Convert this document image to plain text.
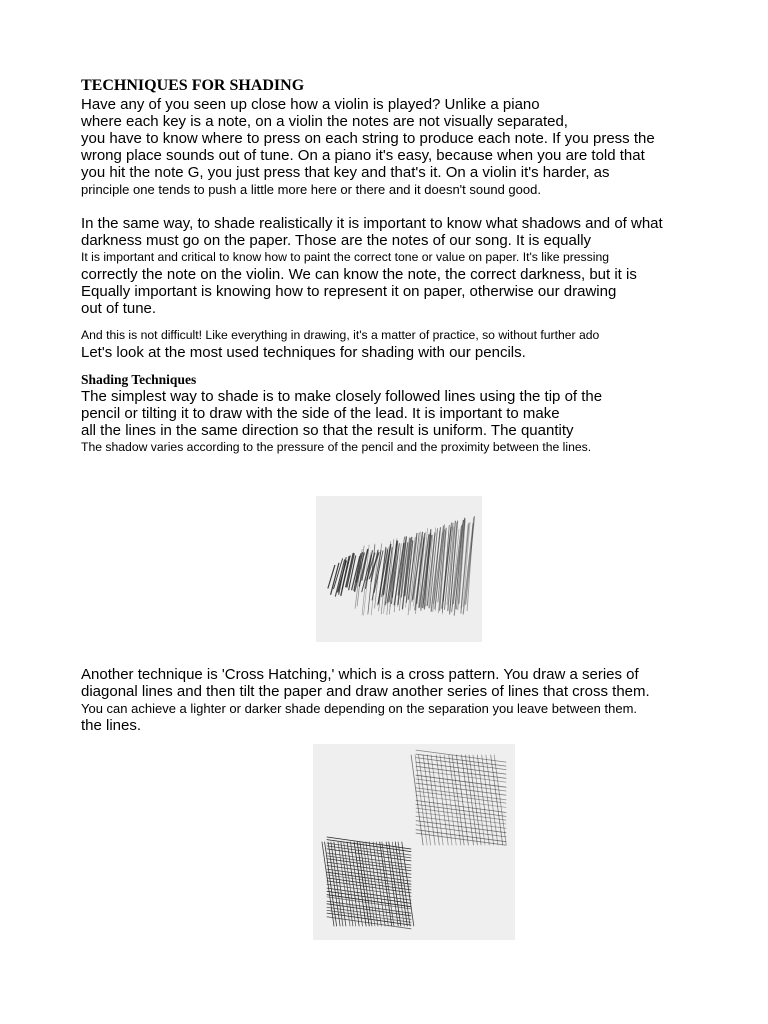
TECHNIQUES FOR SHADING
Have any of you seen up close how a violin is played? Unlike a piano
where each key is a note, on a violin the notes are not visually separated,
you have to know where to press on each string to produce each note. If you press the
wrong place sounds out of tune. On a piano it's easy, because when you are told that
you hit the note G, you just press that key and that's it. On a violin it's harder, as
principle one tends to push a little more here or there and it doesn't sound good.
In the same way, to shade realistically it is important to know what shadows and of what
darkness must go on the paper. Those are the notes of our song. It is equally
It is important and critical to know how to paint the correct tone or value on paper. It's like pressing
correctly the note on the violin. We can know the note, the correct darkness, but it is
Equally important is knowing how to represent it on paper, otherwise our drawing
out of tune.
And this is not difficult! Like everything in drawing, it's a matter of practice, so without further ado
Let's look at the most used techniques for shading with our pencils.
Shading Techniques
The simplest way to shade is to make closely followed lines using the tip of the
pencil or tilting it to draw with the side of the lead. It is important to make
all the lines in the same direction so that the result is uniform. The quantity
The shadow varies according to the pressure of the pencil and the proximity between the lines.
Another technique is 'Cross Hatching,' which is a cross pattern. You draw a series of
diagonal lines and then tilt the paper and draw another series of lines that cross them.
You can achieve a lighter or darker shade depending on the separation you leave between them.
the lines.
